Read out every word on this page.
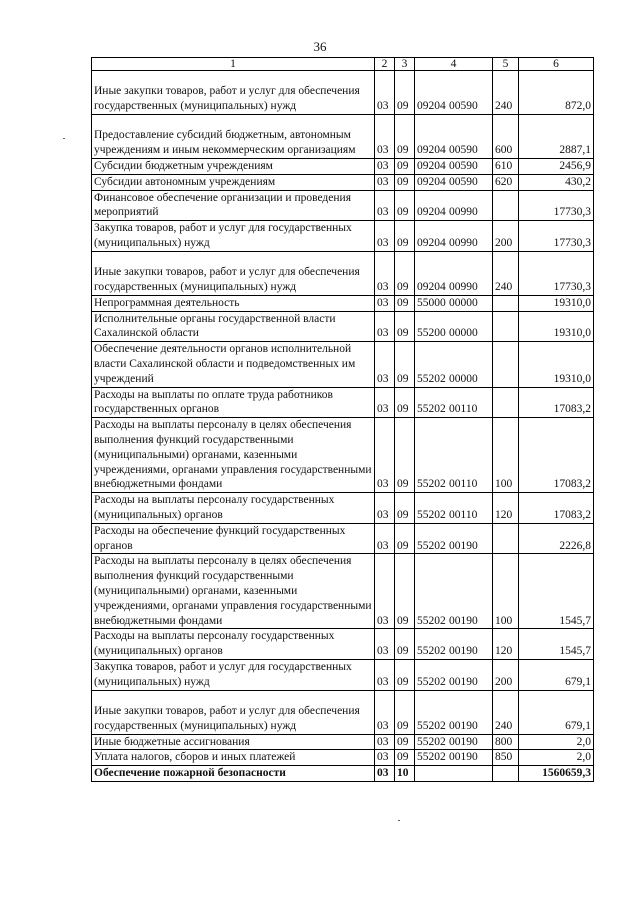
36
1	2	3	4	5	6
Иные закупки товаров, работ и услуг для обеспечения государственных (муниципальных) нужд	03	09	09204 00590	240	872,0
Предоставление субсидий бюджетным, автономным учреждениям и иным некоммерческим организациям	03	09	09204 00590	600	2887,1
Субсидии бюджетным учреждениям	03	09	09204 00590	610	2456,9
Субсидии автономным учреждениям	03	09	09204 00590	620	430,2
Финансовое обеспечение организации и проведения мероприятий	03	09	09204 00990		17730,3
Закупка товаров, работ и услуг для государственных (муниципальных) нужд	03	09	09204 00990	200	17730,3
Иные закупки товаров, работ и услуг для обеспечения государственных (муниципальных) нужд	03	09	09204 00990	240	17730,3
Непрограммная деятельность	03	09	55000 00000		19310,0
Исполнительные органы государственной власти Сахалинской области	03	09	55200 00000		19310,0
Обеспечение деятельности органов исполнительной власти Сахалинской области и подведомственных им учреждений	03	09	55202 00000		19310,0
Расходы на выплаты по оплате труда работников государственных органов	03	09	55202 00110		17083,2
Расходы на выплаты персоналу в целях обеспечения выполнения функций государственными (муниципальными) органами, казенными учреждениями, органами управления государственными внебюджетными фондами	03	09	55202 00110	100	17083,2
Расходы на выплаты персоналу государственных (муниципальных) органов	03	09	55202 00110	120	17083,2
Расходы на обеспечение функций государственных органов	03	09	55202 00190		2226,8
Расходы на выплаты персоналу в целях обеспечения выполнения функций государственными (муниципальными) органами, казенными учреждениями, органами управления государственными внебюджетными фондами	03	09	55202 00190	100	1545,7
Расходы на выплаты персоналу государственных (муниципальных) органов	03	09	55202 00190	120	1545,7
Закупка товаров, работ и услуг для государственных (муниципальных) нужд	03	09	55202 00190	200	679,1
Иные закупки товаров, работ и услуг для обеспечения государственных (муниципальных) нужд	03	09	55202 00190	240	679,1
Иные бюджетные ассигнования	03	09	55202 00190	800	2,0
Уплата налогов, сборов и иных платежей	03	09	55202 00190	850	2,0
Обеспечение пожарной безопасности	03	10			1560659,3
